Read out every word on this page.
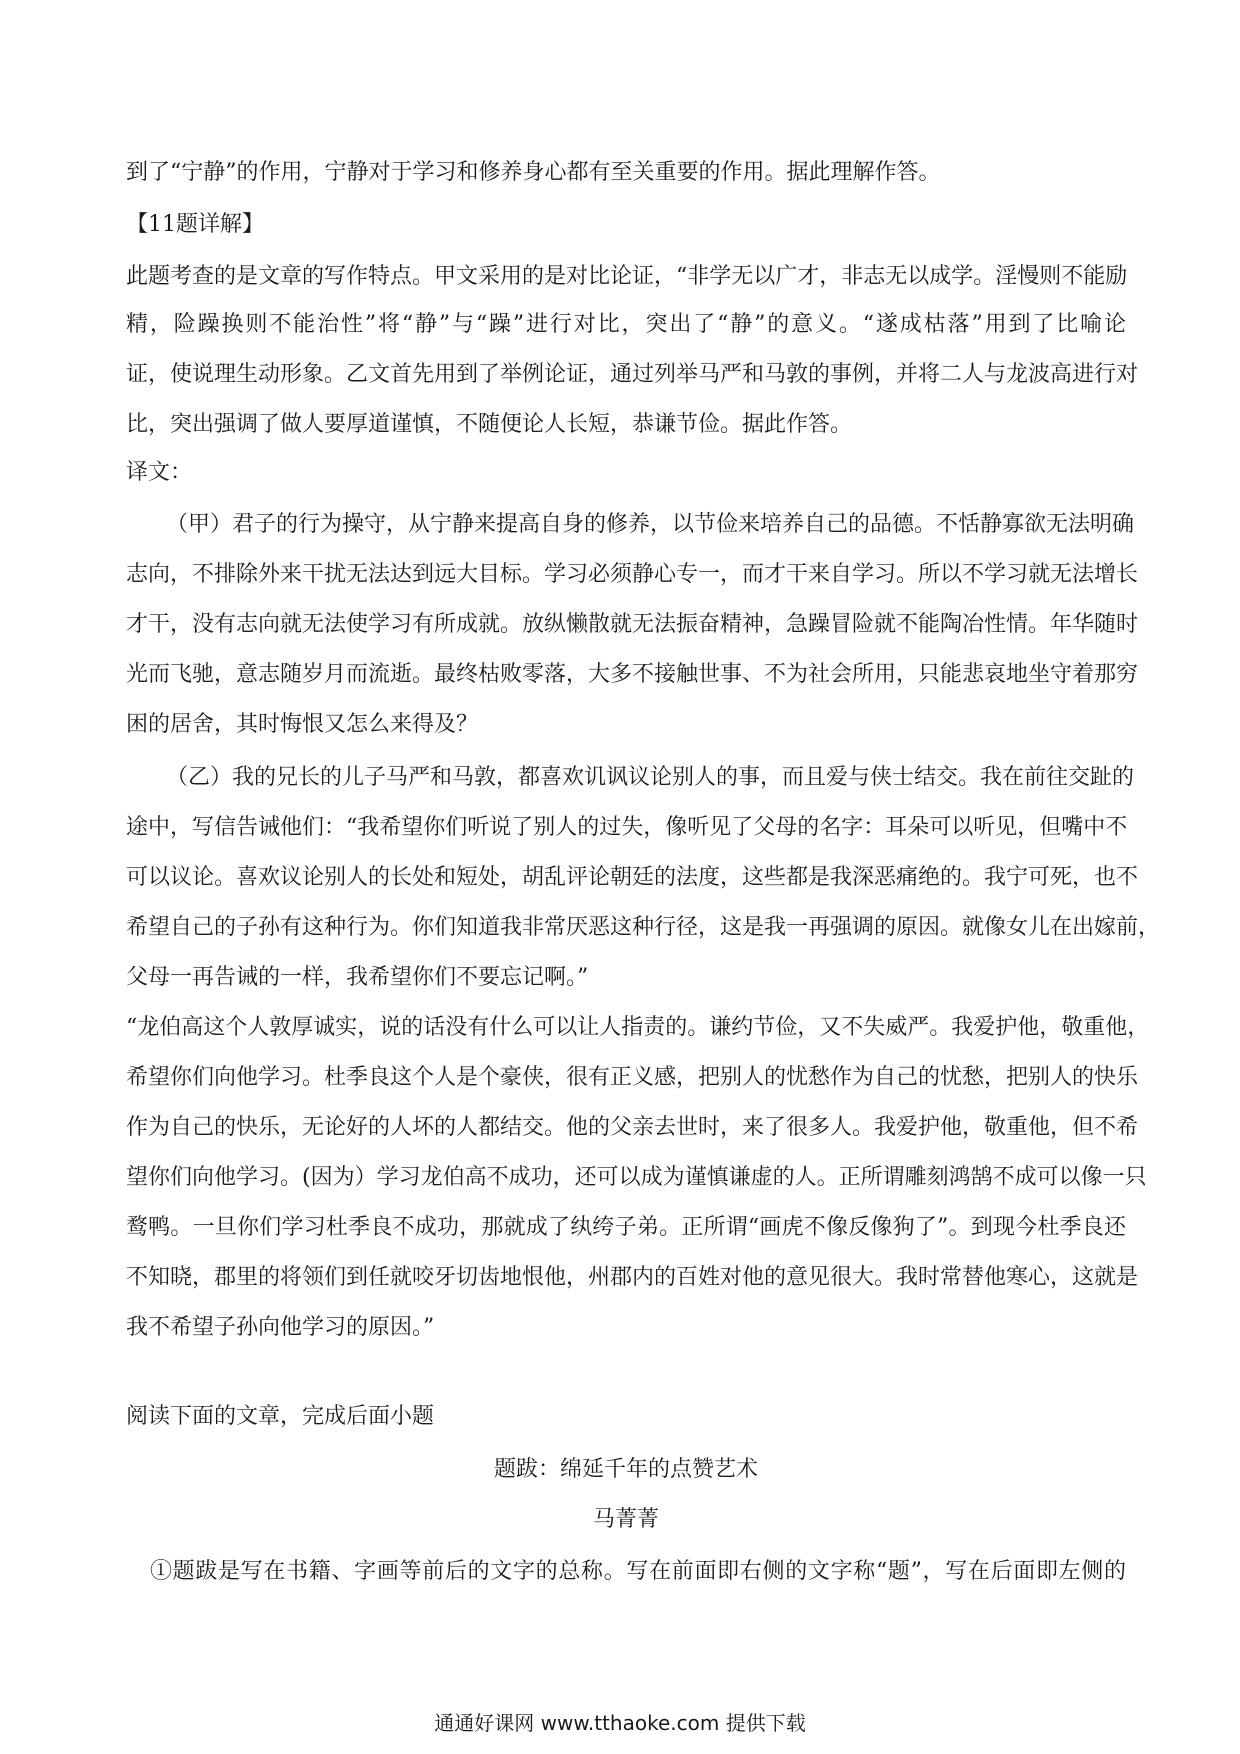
到了“宁静”的作用，宁静对于学习和修养身心都有至关重要的作用。据此理解作答。
【11题详解】
此题考查的是文章的写作特点。甲文采用的是对比论证，“非学无以广才，非志无以成学。淫慢则不能励
精，险躁换则不能治性”将“静”与“躁”进行对比，突出了“静”的意义。“遂成枯落”用到了比喻论
证，使说理生动形象。乙文首先用到了举例论证，通过列举马严和马敦的事例，并将二人与龙波高进行对
比，突出强调了做人要厚道谨慎，不随便论人长短，恭谦节俭。据此作答。
译文：
（甲）君子的行为操守，从宁静来提高自身的修养，以节俭来培养自己的品德。不恬静寡欲无法明确
志向，不排除外来干扰无法达到远大目标。学习必须静心专一，而才干来自学习。所以不学习就无法增长
才干，没有志向就无法使学习有所成就。放纵懒散就无法振奋精神，急躁冒险就不能陶冶性情。年华随时
光而飞驰，意志随岁月而流逝。最终枯败零落，大多不接触世事、不为社会所用，只能悲哀地坐守着那穷
困的居舍，其时悔恨又怎么来得及？
（乙）我的兄长的儿子马严和马敦，都喜欢讥讽议论别人的事，而且爱与侠士结交。我在前往交趾的
途中，写信告诫他们：“我希望你们听说了别人的过失，像听见了父母的名字：耳朵可以听见，但嘴中不
可以议论。喜欢议论别人的长处和短处，胡乱评论朝廷的法度，这些都是我深恶痛绝的。我宁可死，也不
希望自己的子孙有这种行为。你们知道我非常厌恶这种行径，这是我一再强调的原因。就像女儿在出嫁前，
父母一再告诫的一样，我希望你们不要忘记啊。”
“龙伯高这个人敦厚诚实，说的话没有什么可以让人指责的。谦约节俭，又不失威严。我爱护他，敬重他，
希望你们向他学习。杜季良这个人是个豪侠，很有正义感，把别人的忧愁作为自己的忧愁，把别人的快乐
作为自己的快乐，无论好的人坏的人都结交。他的父亲去世时，来了很多人。我爱护他，敬重他，但不希
望你们向他学习。(因为）学习龙伯高不成功，还可以成为谨慎谦虚的人。正所谓雕刻鸿鹄不成可以像一只
鹜鸭。一旦你们学习杜季良不成功，那就成了纨绔子弟。正所谓“画虎不像反像狗了”。到现今杜季良还
不知晓，郡里的将领们到任就咬牙切齿地恨他，州郡内的百姓对他的意见很大。我时常替他寒心，这就是
我不希望子孙向他学习的原因。”
阅读下面的文章，完成后面小题
题跋：绵延千年的点赞艺术
马菁菁
①题跋是写在书籍、字画等前后的文字的总称。写在前面即右侧的文字称“题”，写在后面即左侧的
通通好课网 www.tthaoke.com 提供下载
